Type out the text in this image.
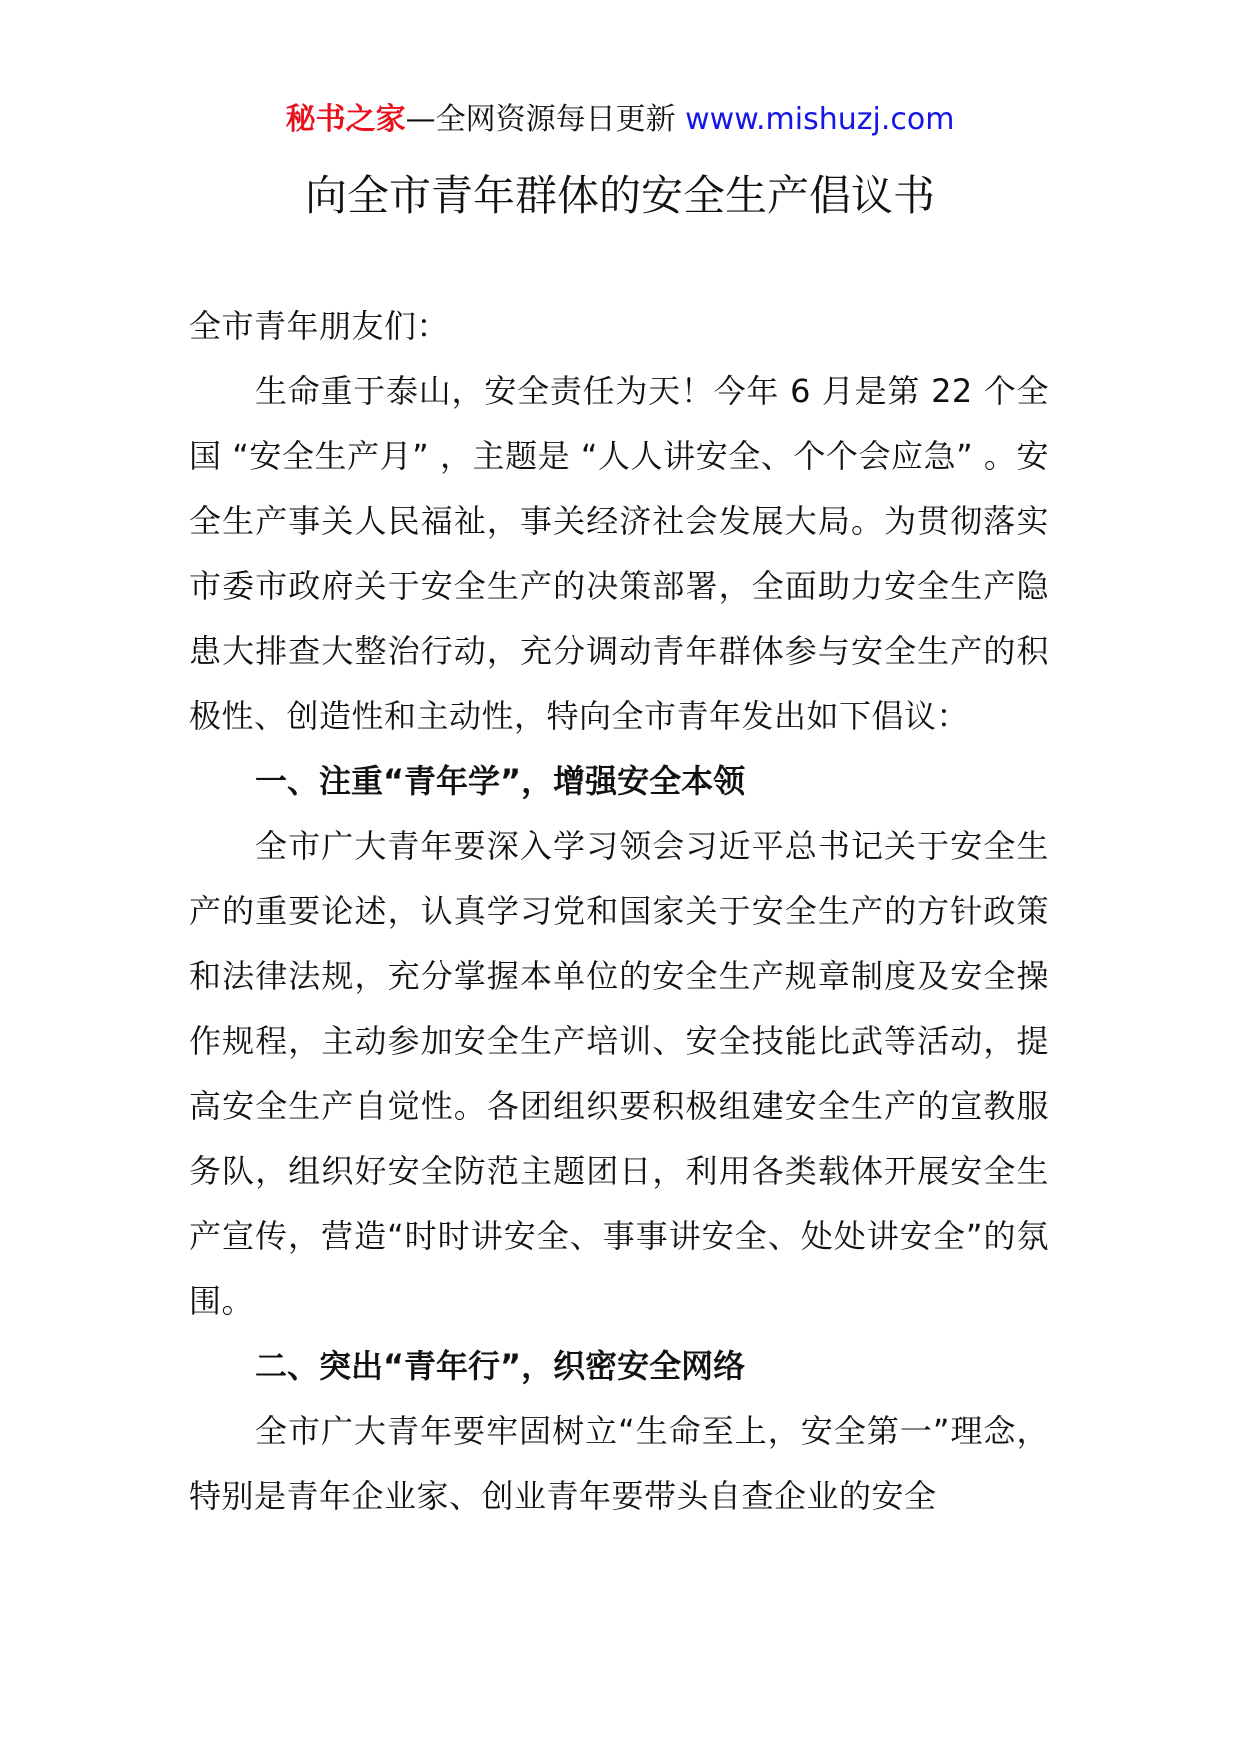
秘书之家—全网资源每日更新 www.mishuzj.com
向全市青年群体的安全生产倡议书

全市青年朋友们：

生命重于泰山，安全责任为天！今年 6 月是第 22 个全国 “安全生产月” ，主题是 “人人讲安全、个个会应急” 。安全生产事关人民福祉，事关经济社会发展大局。为贯彻落实市委市政府关于安全生产的决策部署，全面助力安全生产隐患大排查大整治行动，充分调动青年群体参与安全生产的积极性、创造性和主动性，特向全市青年发出如下倡议：

一、注重“青年学”，增强安全本领

全市广大青年要深入学习领会习近平总书记关于安全生产的重要论述，认真学习党和国家关于安全生产的方针政策和法律法规，充分掌握本单位的安全生产规章制度及安全操作规程，主动参加安全生产培训、安全技能比武等活动，提高安全生产自觉性。各团组织要积极组建安全生产的宣教服务队，组织好安全防范主题团日，利用各类载体开展安全生产宣传，营造“时时讲安全、事事讲安全、处处讲安全”的氛围。

二、突出“青年行”，织密安全网络

全市广大青年要牢固树立“生命至上，安全第一”理念，特别是青年企业家、创业青年要带头自查企业的安全
